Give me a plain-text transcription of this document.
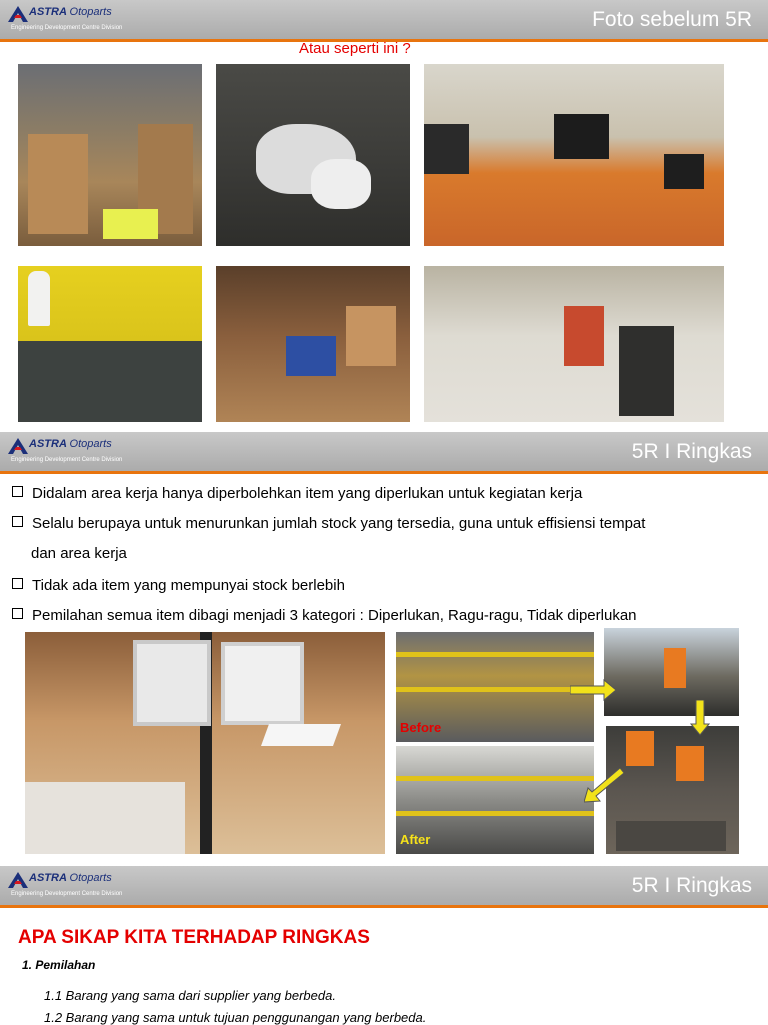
ASTRA Otoparts
Engineering Development Centre Division	Foto sebelum 5R
Atau seperti ini ?
ASTRA Otoparts
Engineering Development Centre Division	5R I Ringkas
Didalam area kerja hanya diperbolehkan item yang diperlukan untuk kegiatan kerja
Selalu berupaya untuk menurunkan jumlah stock yang tersedia, guna untuk effisiensi tempat
dan area kerja
Tidak ada item yang mempunyai stock berlebih
Pemilahan semua item dibagi menjadi 3 kategori : Diperlukan, Ragu-ragu, Tidak diperlukan
Before
After
ASTRA Otoparts
Engineering Development Centre Division	5R I Ringkas
APA SIKAP KITA TERHADAP RINGKAS
1. Pemilahan
1.1 Barang yang sama dari supplier yang berbeda.
1.2 Barang yang sama untuk tujuan penggunangan yang berbeda.
